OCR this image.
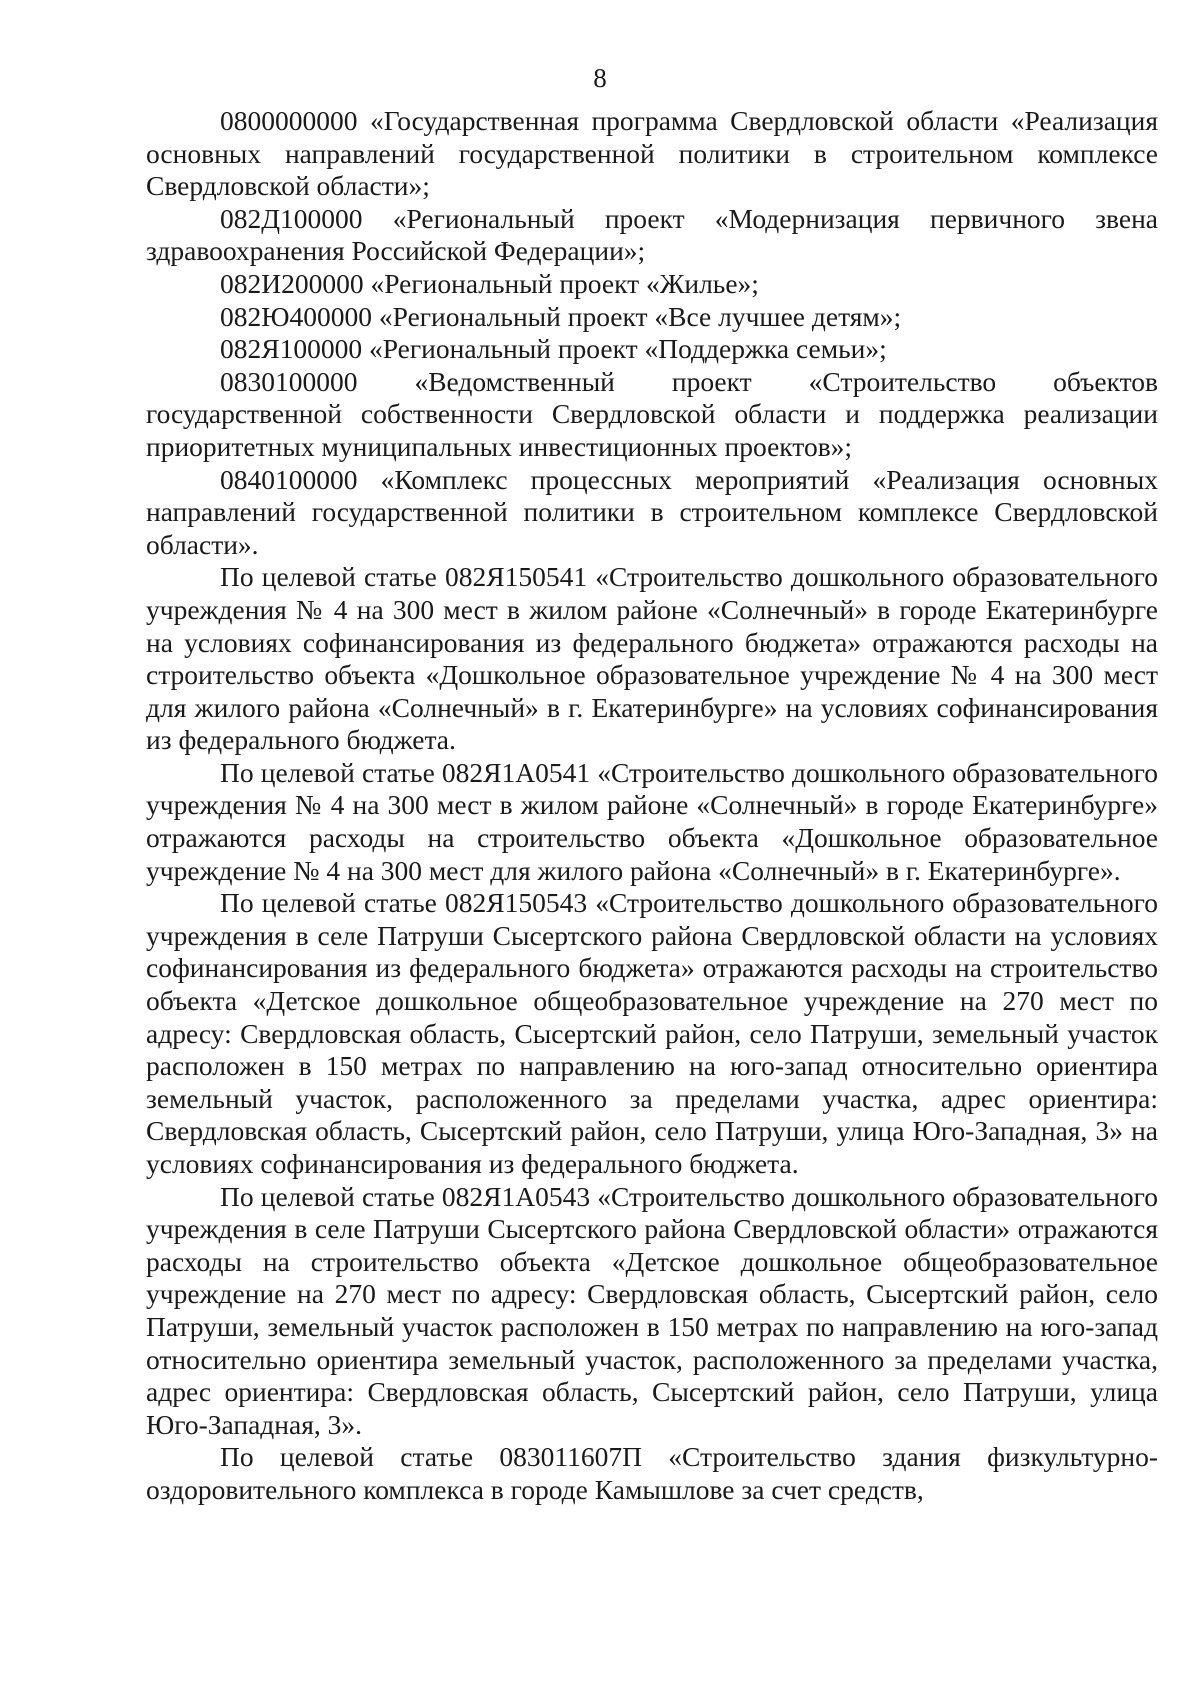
8

0800000000 «Государственная программа Свердловской области «Реализация основных направлений государственной политики в строительном комплексе Свердловской области»;

082Д100000 «Региональный проект «Модернизация первичного звена здравоохранения Российской Федерации»;

082И200000 «Региональный проект «Жилье»;

082Ю400000 «Региональный проект «Все лучшее детям»;

082Я100000 «Региональный проект «Поддержка семьи»;

0830100000 «Ведомственный проект «Строительство объектов государственной собственности Свердловской области и поддержка реализации приоритетных муниципальных инвестиционных проектов»;

0840100000 «Комплекс процессных мероприятий «Реализация основных направлений государственной политики в строительном комплексе Свердловской области».

По целевой статье 082Я150541 «Строительство дошкольного образовательного учреждения № 4 на 300 мест в жилом районе «Солнечный» в городе Екатеринбурге на условиях софинансирования из федерального бюджета» отражаются расходы на строительство объекта «Дошкольное образовательное учреждение № 4 на 300 мест для жилого района «Солнечный» в г. Екатеринбурге» на условиях софинансирования из федерального бюджета.

По целевой статье 082Я1А0541 «Строительство дошкольного образовательного учреждения № 4 на 300 мест в жилом районе «Солнечный» в городе Екатеринбурге» отражаются расходы на строительство объекта «Дошкольное образовательное учреждение № 4 на 300 мест для жилого района «Солнечный» в г. Екатеринбурге».

По целевой статье 082Я150543 «Строительство дошкольного образовательного учреждения в селе Патруши Сысертского района Свердловской области на условиях софинансирования из федерального бюджета» отражаются расходы на строительство объекта «Детское дошкольное общеобразовательное учреждение на 270 мест по адресу: Свердловская область, Сысертский район, село Патруши, земельный участок расположен в 150 метрах по направлению на юго-запад относительно ориентира земельный участок, расположенного за пределами участка, адрес ориентира: Свердловская область, Сысертский район, село Патруши, улица Юго-Западная, 3» на условиях софинансирования из федерального бюджета.

По целевой статье 082Я1А0543 «Строительство дошкольного образовательного учреждения в селе Патруши Сысертского района Свердловской области» отражаются расходы на строительство объекта «Детское дошкольное общеобразовательное учреждение на 270 мест по адресу: Свердловская область, Сысертский район, село Патруши, земельный участок расположен в 150 метрах по направлению на юго-запад относительно ориентира земельный участок, расположенного за пределами участка, адрес ориентира: Свердловская область, Сысертский район, село Патруши, улица Юго-Западная, 3».

По целевой статье 083011607П «Строительство здания физкультурно-оздоровительного комплекса в городе Камышлове за счет средств,
